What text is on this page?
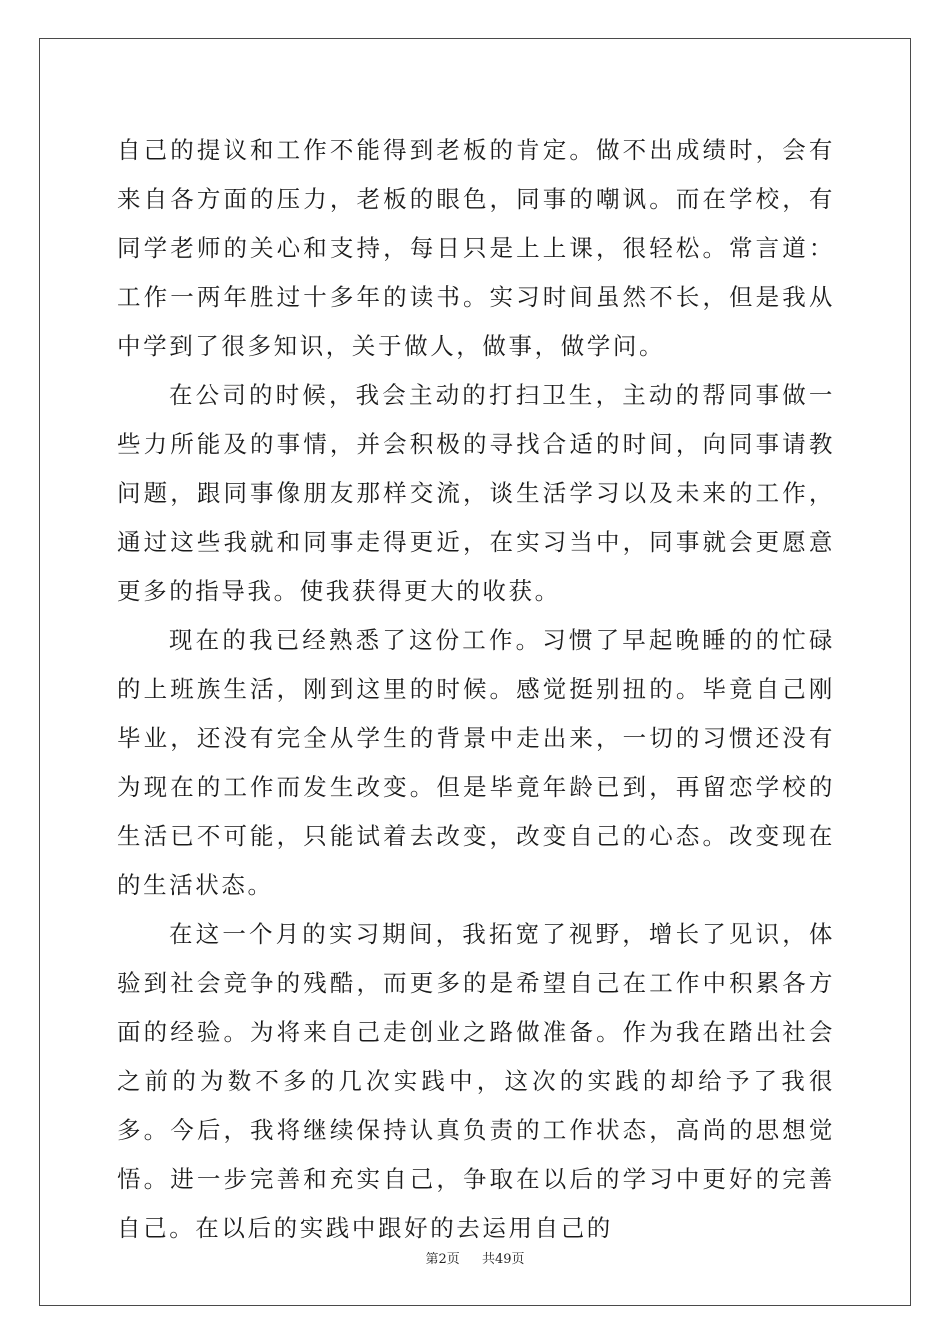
自己的提议和工作不能得到老板的肯定。做不出成绩时，会有来自各方面的压力，老板的眼色，同事的嘲讽。而在学校，有同学老师的关心和支持，每日只是上上课，很轻松。常言道：工作一两年胜过十多年的读书。实习时间虽然不长，但是我从中学到了很多知识，关于做人，做事，做学问。

在公司的时候，我会主动的打扫卫生，主动的帮同事做一些力所能及的事情，并会积极的寻找合适的时间，向同事请教问题，跟同事像朋友那样交流，谈生活学习以及未来的工作，通过这些我就和同事走得更近，在实习当中，同事就会更愿意更多的指导我。使我获得更大的收获。

现在的我已经熟悉了这份工作。习惯了早起晚睡的的忙碌的上班族生活，刚到这里的时候。感觉挺别扭的。毕竟自己刚毕业，还没有完全从学生的背景中走出来，一切的习惯还没有为现在的工作而发生改变。但是毕竟年龄已到，再留恋学校的生活已不可能，只能试着去改变，改变自己的心态。改变现在的生活状态。

在这一个月的实习期间，我拓宽了视野，增长了见识，体验到社会竞争的残酷，而更多的是希望自己在工作中积累各方面的经验。为将来自己走创业之路做准备。作为我在踏出社会之前的为数不多的几次实践中，这次的实践的却给予了我很多。今后，我将继续保持认真负责的工作状态，高尚的思想觉悟。进一步完善和充实自己，争取在以后的学习中更好的完善自己。在以后的实践中跟好的去运用自己的

第2页 共49页
